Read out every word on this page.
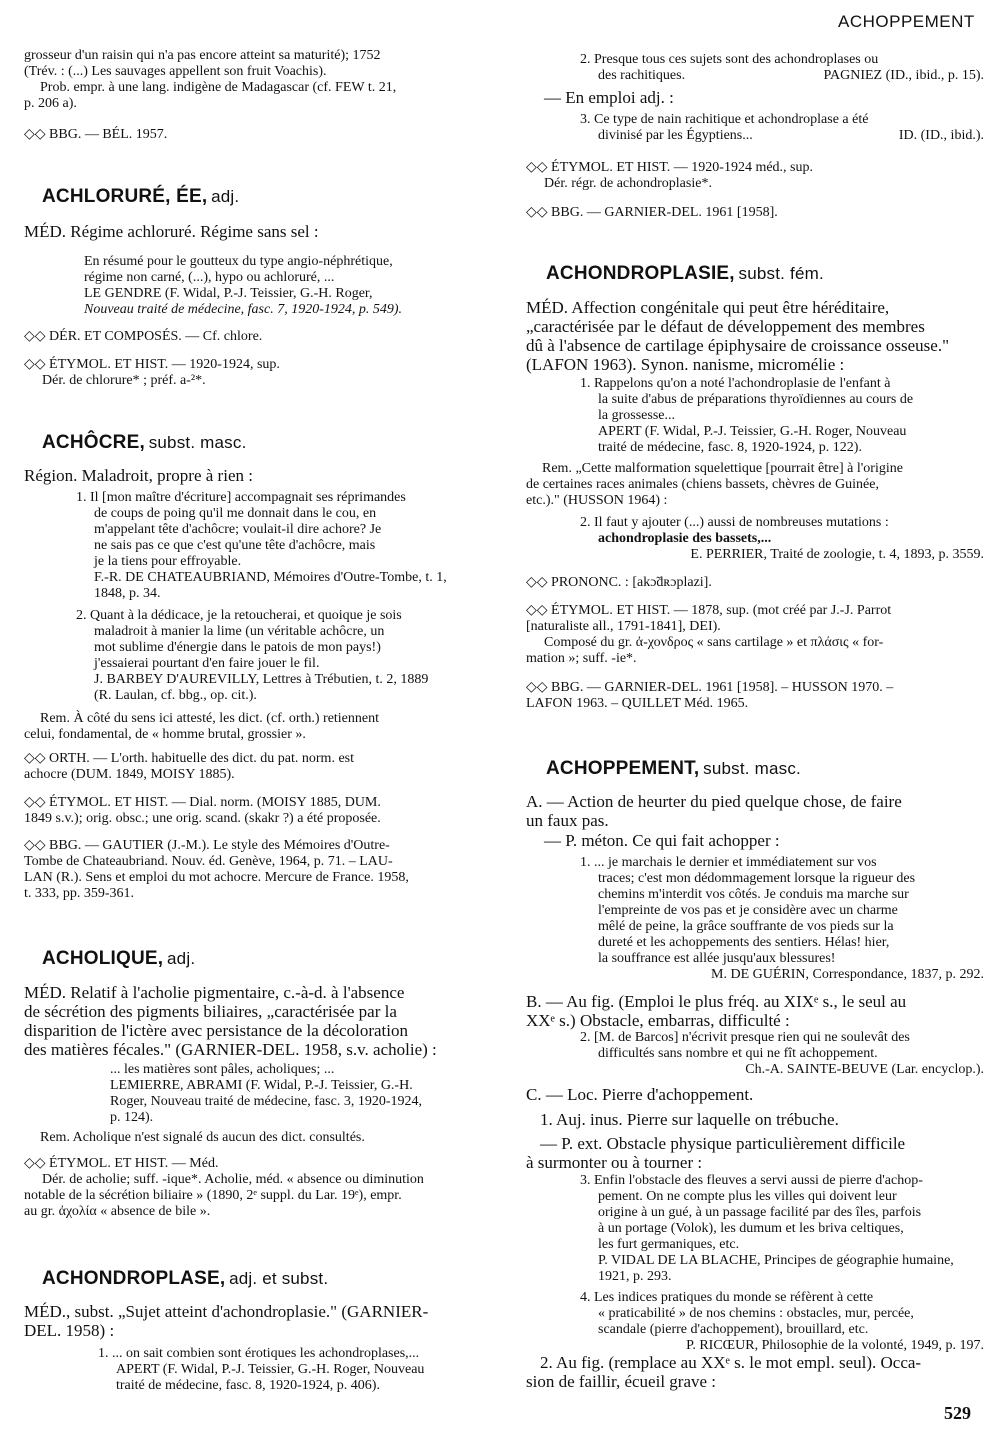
ACHOPPEMENT
529

grosseur d'un raisin qui n'a pas encore atteint sa maturité); 1752

(Trév. : (...) Les sauvages appellent son fruit Voachis).

Prob. empr. à une lang. indigène de Madagascar (cf. FEW t. 21,

p. 206 a).

◇◇ BBG. — BÉL. 1957.
ACHLORURÉ, ÉE, adj.
MÉD. Régime achloruré. Régime sans sel :

En résumé pour le goutteux du type angio-néphrétique,

régime non carné, (...), hypo ou achloruré, ...

LE GENDRE (F. Widal, P.-J. Teissier, G.-H. Roger,

Nouveau traité de médecine, fasc. 7, 1920-1924, p. 549).

◇◇ DÉR. ET COMPOSÉS. — Cf. chlore.

◇◇ ÉTYMOL. ET HIST. — 1920-1924, sup.

Dér. de chlorure* ; préf. a-²*.

ACHÔCRE, subst. masc.
Région. Maladroit, propre à rien :

1. Il [mon maître d'écriture] accompagnait ses réprimandes

de coups de poing qu'il me donnait dans le cou, en

m'appelant tête d'achôcre; voulait-il dire achore? Je

ne sais pas ce que c'est qu'une tête d'achôcre, mais

je la tiens pour effroyable.

F.-R. DE CHATEAUBRIAND, Mémoires d'Outre-Tombe, t. 1,

1848, p. 34.

2. Quant à la dédicace, je la retoucherai, et quoique je sois

maladroit à manier la lime (un véritable achôcre, un

mot sublime d'énergie dans le patois de mon pays!)

j'essaierai pourtant d'en faire jouer le fil.

J. BARBEY D'AUREVILLY, Lettres à Trébutien, t. 2, 1889

(R. Laulan, cf. bbg., op. cit.).

Rem. À côté du sens ici attesté, les dict. (cf. orth.) retiennent

celui, fondamental, de « homme brutal, grossier ».

◇◇ ORTH. — L'orth. habituelle des dict. du pat. norm. est

achocre (DUM. 1849, MOISY 1885).

◇◇ ÉTYMOL. ET HIST. — Dial. norm. (MOISY 1885, DUM.

1849 s.v.); orig. obsc.; une orig. scand. (skakr ?) a été proposée.

◇◇ BBG. — GAUTIER (J.-M.). Le style des Mémoires d'Outre-

Tombe de Chateaubriand. Nouv. éd. Genève, 1964, p. 71. – LAU-

LAN (R.). Sens et emploi du mot achocre. Mercure de France. 1958,

t. 333, pp. 359-361.

ACHOLIQUE, adj.

MÉD. Relatif à l'acholie pigmentaire, c.-à-d. à l'absence

de sécrétion des pigments biliaires, „caractérisée par la

disparition de l'ictère avec persistance de la décoloration

des matières fécales." (GARNIER-DEL. 1958, s.v. acholie) :

... les matières sont pâles, acholiques; ...

LEMIERRE, ABRAMI (F. Widal, P.-J. Teissier, G.-H.

Roger, Nouveau traité de médecine, fasc. 3, 1920-1924,

p. 124).

Rem. Acholique n'est signalé ds aucun des dict. consultés.

◇◇ ÉTYMOL. ET HIST. — Méd.

Dér. de acholie; suff. -ique*. Acholie, méd. « absence ou diminution

notable de la sécrétion biliaire » (1890, 2ᵉ suppl. du Lar. 19ᵉ), empr.

au gr. ἀχολία « absence de bile ».

ACHONDROPLASE, adj. et subst.

MÉD., subst. „Sujet atteint d'achondroplasie." (GARNIER-

DEL. 1958) :

1. ... on sait combien sont érotiques les achondroplases,...

APERT (F. Widal, P.-J. Teissier, G.-H. Roger, Nouveau

traité de médecine, fasc. 8, 1920-1924, p. 406).

2. Presque tous ces sujets sont des achondroplases ou

des rachitiques.	PAGNIEZ (ID., ibid., p. 15).

— En emploi adj. :

3. Ce type de nain rachitique et achondroplase a été

divinisé par les Égyptiens...	ID. (ID., ibid.).

◇◇ ÉTYMOL. ET HIST. — 1920-1924 méd., sup.

Dér. régr. de achondroplasie*.

◇◇ BBG. — GARNIER-DEL. 1961 [1958].
ACHONDROPLASIE, subst. fém.

MÉD. Affection congénitale qui peut être héréditaire,

„caractérisée par le défaut de développement des membres

dû à l'absence de cartilage épiphysaire de croissance osseuse."

(LAFON 1963). Synon. nanisme, micromélie :

1. Rappelons qu'on a noté l'achondroplasie de l'enfant à

la suite d'abus de préparations thyroïdiennes au cours de

la grossesse...

APERT (F. Widal, P.-J. Teissier, G.-H. Roger, Nouveau

traité de médecine, fasc. 8, 1920-1924, p. 122).

Rem. „Cette malformation squelettique [pourrait être] à l'origine

de certaines races animales (chiens bassets, chèvres de Guinée,

etc.)." (HUSSON 1964) :

2. Il faut y ajouter (...) aussi de nombreuses mutations :

achondroplasie des bassets,...

E. PERRIER, Traité de zoologie, t. 4, 1893, p. 3559.

◇◇ PRONONC. : [akɔ̃dʀɔplazi].

◇◇ ÉTYMOL. ET HIST. — 1878, sup. (mot créé par J.-J. Parrot

[naturaliste all., 1791-1841], DEI).

Composé du gr. ἀ-χονδρος « sans cartilage » et πλάσις « for-

mation »; suff. -ie*.

◇◇ BBG. — GARNIER-DEL. 1961 [1958]. – HUSSON 1970. –

LAFON 1963. – QUILLET Méd. 1965.

ACHOPPEMENT, subst. masc.

A. — Action de heurter du pied quelque chose, de faire

un faux pas.

— P. méton. Ce qui fait achopper :

1. ... je marchais le dernier et immédiatement sur vos

traces; c'est mon dédommagement lorsque la rigueur des

chemins m'interdit vos côtés. Je conduis ma marche sur

l'empreinte de vos pas et je considère avec un charme

mêlé de peine, la grâce souffrante de vos pieds sur la

dureté et les achoppements des sentiers. Hélas! hier,

la souffrance est allée jusqu'aux blessures!

M. DE GUÉRIN, Correspondance, 1837, p. 292.

B. — Au fig. (Emploi le plus fréq. au XIXᵉ s., le seul au

XXᵉ s.) Obstacle, embarras, difficulté :

2. [M. de Barcos] n'écrivit presque rien qui ne soulevât des

difficultés sans nombre et qui ne fît achoppement.

Ch.-A. SAINTE-BEUVE (Lar. encyclop.).

C. — Loc. Pierre d'achoppement.
1. Auj. inus. Pierre sur laquelle on trébuche.

— P. ext. Obstacle physique particulièrement difficile

à surmonter ou à tourner :

3. Enfin l'obstacle des fleuves a servi aussi de pierre d'achop-

pement. On ne compte plus les villes qui doivent leur

origine à un gué, à un passage facilité par des îles, parfois

à un portage (Volok), les dumum et les briva celtiques,

les furt germaniques, etc.

P. VIDAL DE LA BLACHE, Principes de géographie humaine,

1921, p. 293.

4. Les indices pratiques du monde se réfèrent à cette

« praticabilité » de nos chemins : obstacles, mur, percée,

scandale (pierre d'achoppement), brouillard, etc.

P. RICŒUR, Philosophie de la volonté, 1949, p. 197.

2. Au fig. (remplace au XXᵉ s. le mot empl. seul). Occa-

sion de faillir, écueil grave :
